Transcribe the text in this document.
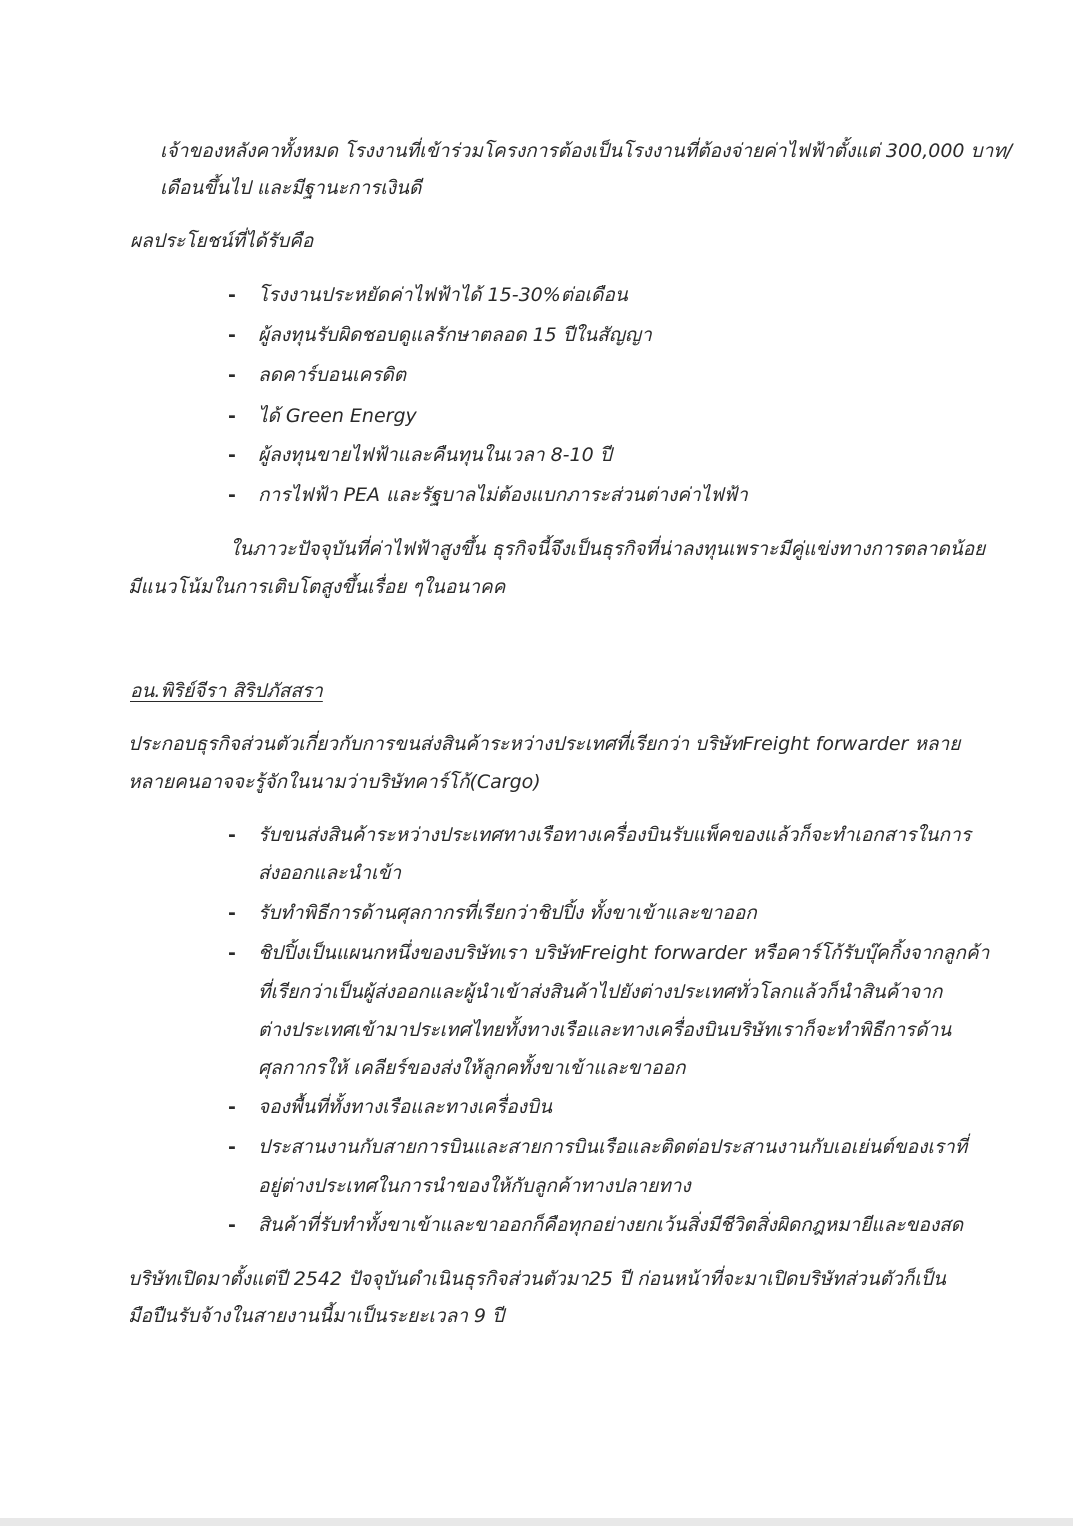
เจ้าของหลังคาทั้งหมด โรงงานที่เข้าร่วมโครงการต้องเป็นโรงงานที่ต้องจ่ายค่าไฟฟ้าตั้งแต่ 300,000 บาท/
เดือนขึ้นไป และมีฐานะการเงินดี
ผลประโยชน์ที่ได้รับคือ
- โรงงานประหยัดค่าไฟฟ้าได้ 15-30%ต่อเดือน
- ผู้ลงทุนรับผิดชอบดูแลรักษาตลอด 15 ปีในสัญญา
- ลดคาร์บอนเครดิต
- ได้ Green Energy
- ผู้ลงทุนขายไฟฟ้าและคืนทุนในเวลา 8-10 ปี
- การไฟฟ้า PEA และรัฐบาลไม่ต้องแบกภาระส่วนต่างค่าไฟฟ้า
ในภาวะปัจจุบันที่ค่าไฟฟ้าสูงขึ้น ธุรกิจนี้จึงเป็นธุรกิจที่น่าลงทุนเพราะมีคู่แข่งทางการตลาดน้อย
มีแนวโน้มในการเติบโตสูงขึ้นเรื่อย ๆในอนาคค
อน.พิริย์จีรา สิริปภัสสรา
ประกอบธุรกิจส่วนตัวเกี่ยวกับการขนส่งสินค้าระหว่างประเทศที่เรียกว่า บริษัทFreight forwarder หลาย
หลายคนอาจจะรู้จักในนามว่าบริษัทคาร์โก้(Cargo)
- รับขนส่งสินค้าระหว่างประเทศทางเรือทางเครื่องบินรับแพ็คของแล้วก็จะทำเอกสารในการ
ส่งออกและนำเข้า
- รับทำพิธีการด้านศุลกากรที่เรียกว่าชิปปิ้ง ทั้งขาเข้าและขาออก
- ชิปปิ้งเป็นแผนกหนึ่งของบริษัทเรา บริษัทFreight forwarder หรือคาร์โก้รับบุ๊คกิ้งจากลูกค้า
ที่เรียกว่าเป็นผู้ส่งออกและผู้นำเข้าส่งสินค้าไปยังต่างประเทศทั่วโลกแล้วก็นำสินค้าจาก
ต่างประเทศเข้ามาประเทศไทยทั้งทางเรือและทางเครื่องบินบริษัทเราก็จะทำพิธีการด้าน
ศุลกากรให้ เคลียร์ของส่งให้ลูกคทั้งขาเข้าและขาออก
- จองพื้นที่ทั้งทางเรือและทางเครื่องบิน
- ประสานงานกับสายการบินและสายการบินเรือและติดต่อประสานงานกับเอเย่นต์ของเราที่
อยู่ต่างประเทศในการนำของให้กับลูกค้าทางปลายทาง
- สินค้าที่รับทำทั้งขาเข้าและขาออกก็คือทุกอย่างยกเว้นสิ่งมีชีวิตสิ่งผิดกฎหมายีและของสด
บริษัทเปิดมาตั้งแต่ปี 2542 ปัจจุบันดำเนินธุรกิจส่วนตัวมา25 ปี ก่อนหน้าที่จะมาเปิดบริษัทส่วนตัวก็เป็น
มือปืนรับจ้างในสายงานนี้มาเป็นระยะเวลา 9 ปี
